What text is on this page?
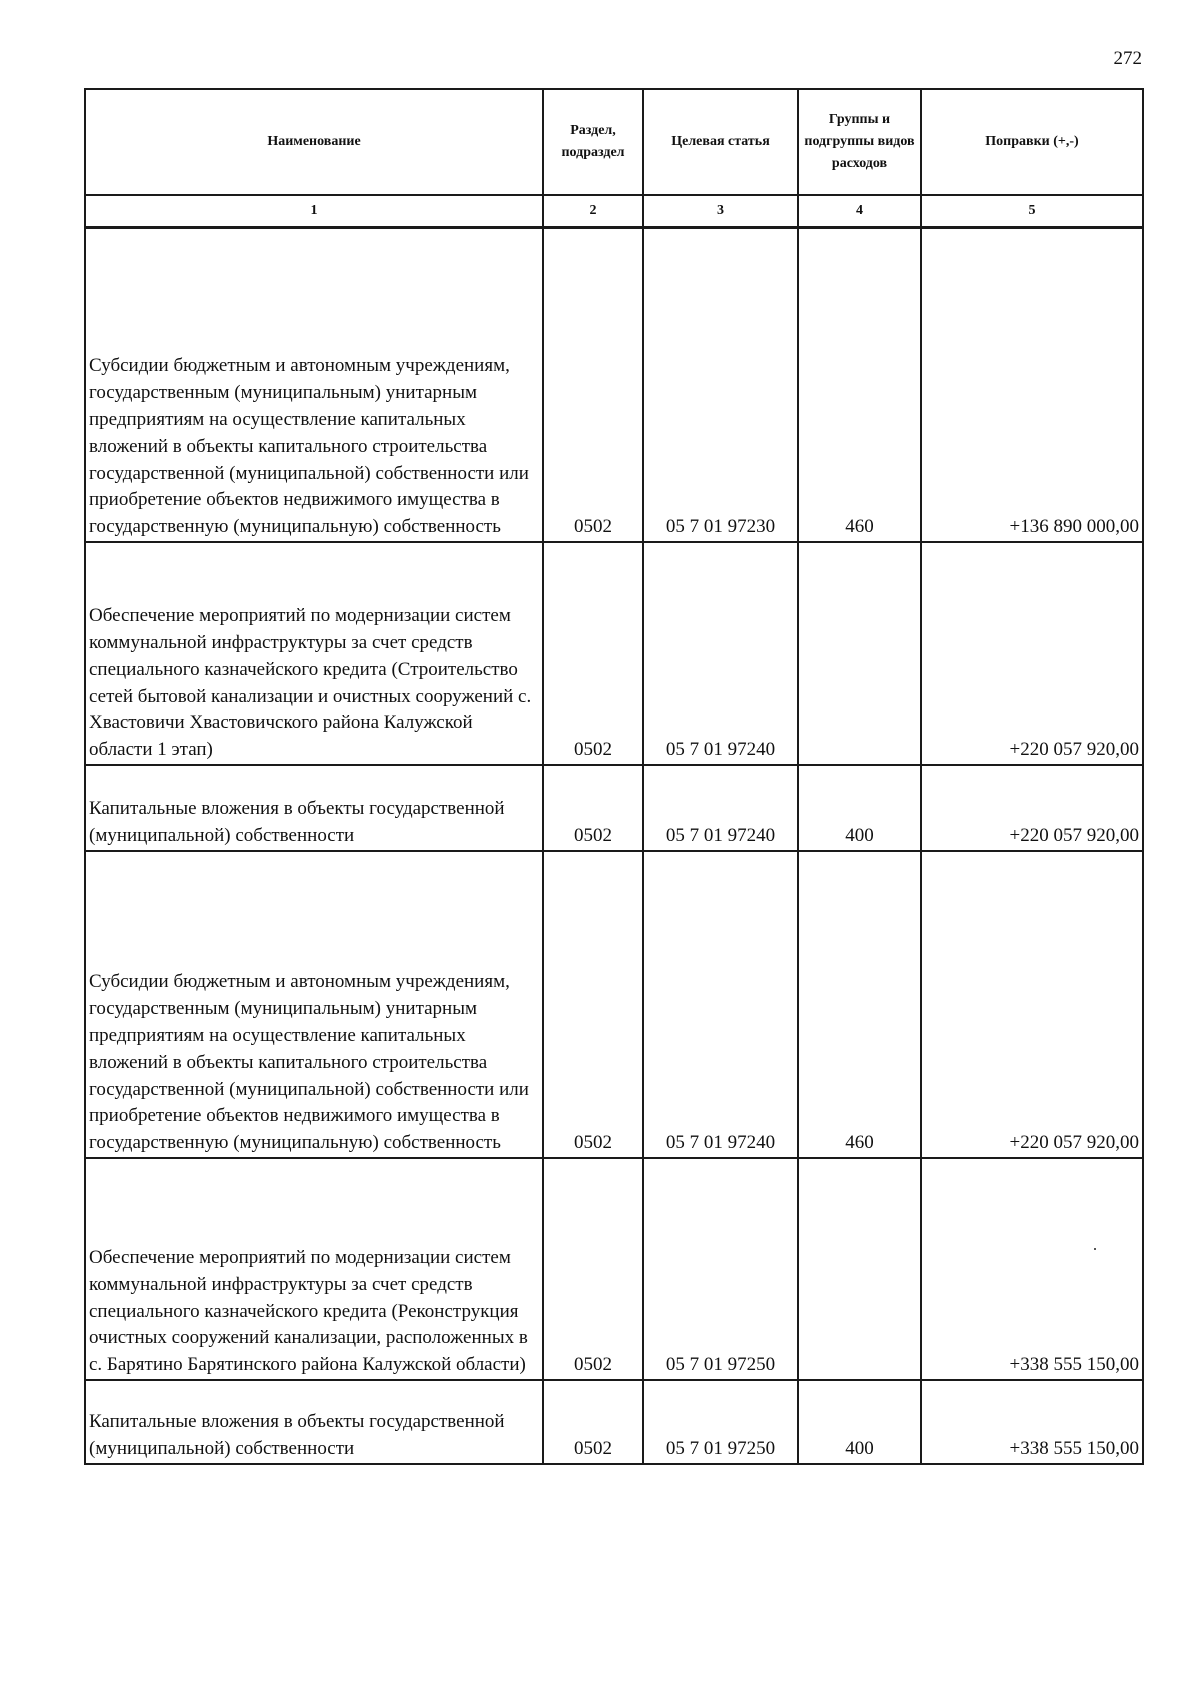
272
Наименование	Раздел, подраздел	Целевая статья	Группы и подгруппы видов расходов	Поправки (+,-)
1	2	3	4	5
Субсидии бюджетным и автономным учреждениям, государственным (муниципальным) унитарным предприятиям на осуществление капитальных вложений в объекты капитального строительства государственной (муниципальной) собственности или приобретение объектов недвижимого имущества в государственную (муниципальную) собственность	0502	05 7 01 97230	460	+136 890 000,00
Обеспечение мероприятий по модернизации систем коммунальной инфраструктуры за счет средств специального казначейского кредита (Строительство сетей бытовой канализации и очистных сооружений с. Хвастовичи Хвастовичского района Калужской области 1 этап)	0502	05 7 01 97240		+220 057 920,00
Капитальные вложения в объекты государственной (муниципальной) собственности	0502	05 7 01 97240	400	+220 057 920,00
Субсидии бюджетным и автономным учреждениям, государственным (муниципальным) унитарным предприятиям на осуществление капитальных вложений в объекты капитального строительства государственной (муниципальной) собственности или приобретение объектов недвижимого имущества в государственную (муниципальную) собственность	0502	05 7 01 97240	460	+220 057 920,00
Обеспечение мероприятий по модернизации систем коммунальной инфраструктуры за счет средств специального казначейского кредита (Реконструкция очистных сооружений канализации, расположенных в с. Барятино Барятинского района Калужской области)	0502	05 7 01 97250		+338 555 150,00
Капитальные вложения в объекты государственной (муниципальной) собственности	0502	05 7 01 97250	400	+338 555 150,00
